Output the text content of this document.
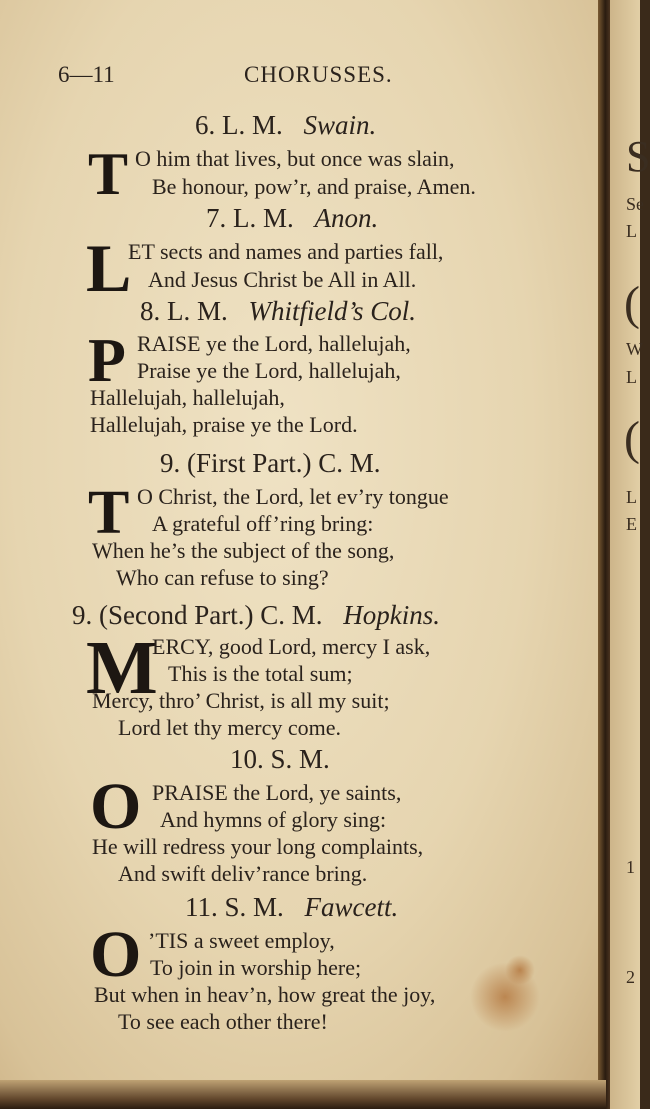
6—11	CHORUSSES.
6. L. M. Swain.
T O him that lives, but once was slain,
Be honour, pow’r, and praise, Amen.
7. L. M. Anon.
L
ET sects and names and parties fall,
And Jesus Christ be All in All.
8. L. M. Whitfield’s Col.
P RAISE ye the Lord, hallelujah,
Praise ye the Lord, hallelujah,
Hallelujah, hallelujah,
Hallelujah, praise ye the Lord.
9. (First Part.) C. M.
T O Christ, the Lord, let ev’ry tongue
A grateful off’ring bring:
When he’s the subject of the song,
Who can refuse to sing?
9. (Second Part.) C. M. Hopkins.
M
ERCY, good Lord, mercy I ask,
This is the total sum;
Mercy, thro’ Christ, is all my suit;
Lord let thy mercy come.
10. S. M.
O PRAISE the Lord, ye saints,
And hymns of glory sing:
He will redress your long complaints,
And swift deliv’rance bring.
11. S. M. Fawcett.
O ’TIS a sweet employ,
To join in worship here;
But when in heav’n, how great the joy,
To see each other there!
S
Se
L
(
W
L
(
L
E
1
2
